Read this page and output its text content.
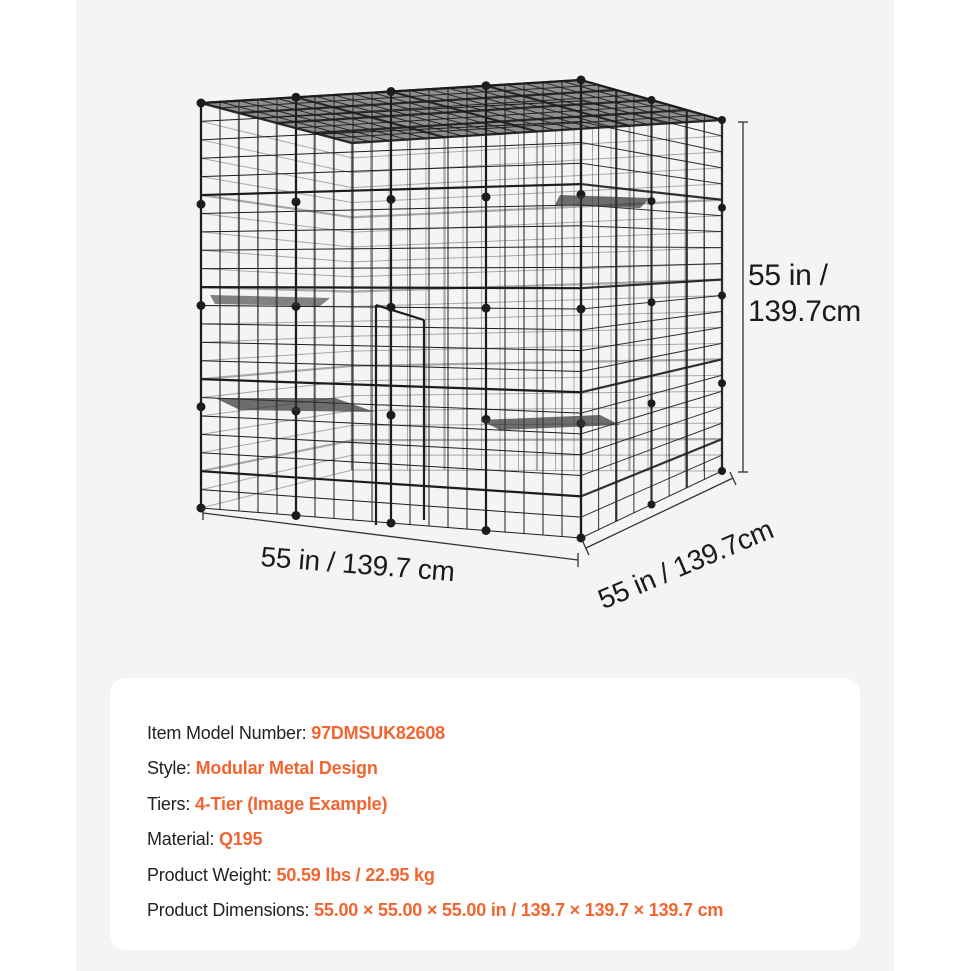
55 in /
139.7cm
55 in / 139.7 cm	55 in / 139.7cm
Item Model Number: 97DMSUK82608
Style: Modular Metal Design
Tiers: 4-Tier (Image Example)
Material: Q195
Product Weight: 50.59 lbs / 22.95 kg
Product Dimensions: 55.00 × 55.00 × 55.00 in / 139.7 × 139.7 × 139.7 cm
